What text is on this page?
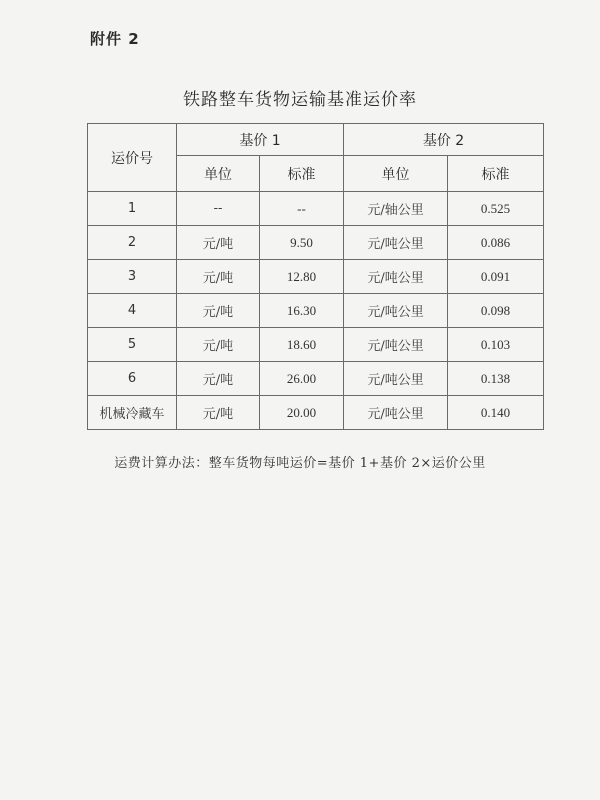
附件 2
铁路整车货物运输基准运价率
运价号	基价 1		基价 2	
	单位	标准	单位	标准
1	--	--	元/轴公里	0.525
2	元/吨	9.50	元/吨公里	0.086
3	元/吨	12.80	元/吨公里	0.091
4	元/吨	16.30	元/吨公里	0.098
5	元/吨	18.60	元/吨公里	0.103
6	元/吨	26.00	元/吨公里	0.138
机械冷藏车	元/吨	20.00	元/吨公里	0.140
运费计算办法：整车货物每吨运价=基价 1+基价 2×运价公里
